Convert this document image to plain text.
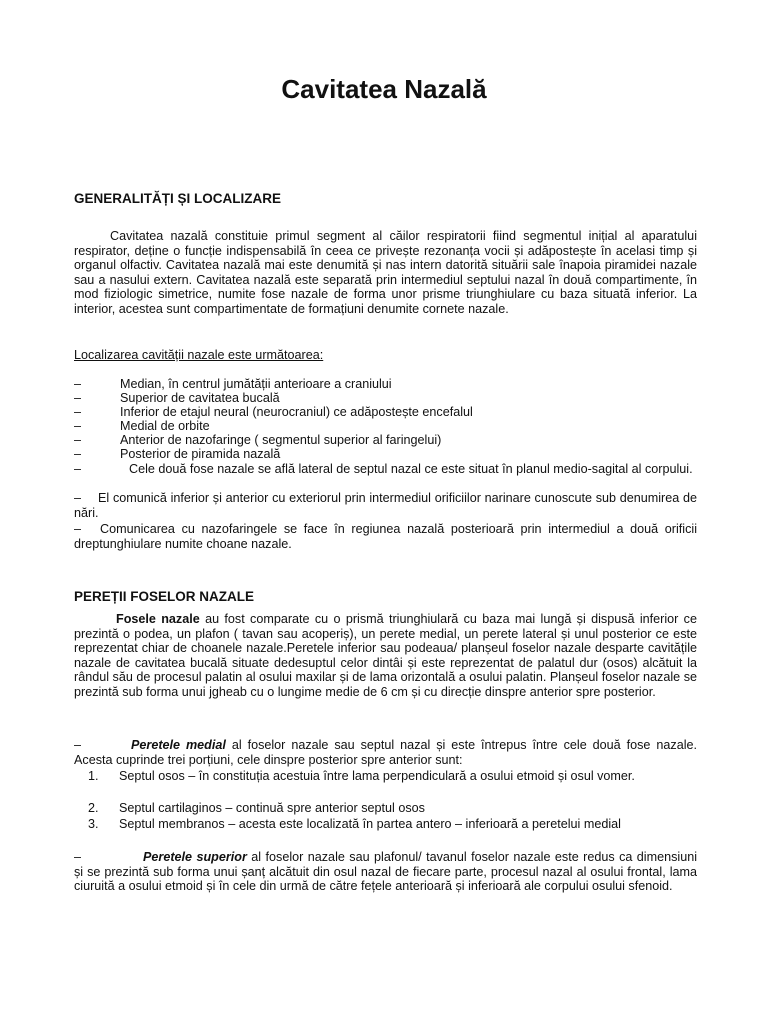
Cavitatea Nazală
GENERALITĂȚI ȘI LOCALIZARE
Cavitatea nazală constituie primul segment al căilor respiratorii fiind segmentul inițial al aparatului respirator, deține o funcție indispensabilă în ceea ce privește rezonanța vocii și adăpostește în acelasi timp și organul olfactiv. Cavitatea nazală mai este denumită și nas intern datorită situării sale înapoia piramidei nazale sau a nasului extern. Cavitatea nazală este separată prin intermediul septului nazal în două compartimente, în mod fiziologic simetrice, numite fose nazale de forma unor prisme triunghiulare cu baza situată inferior. La interior, acestea sunt compartimentate de formațiuni denumite cornete nazale.
Localizarea cavității nazale este următoarea:
–	Median, în centrul jumătății anterioare a craniului
–	Superior de cavitatea bucală
–	Inferior de etajul neural (neurocraniul) ce adăpostește encefalul
–	Medial de orbite
–	Anterior de nazofaringe ( segmentul superior al faringelui)
–	Posterior de piramida nazală
–	Cele două fose nazale se află lateral de septul nazal ce este situat în planul medio-sagital al corpului.
– El comunică inferior și anterior cu exteriorul prin intermediul orificiilor narinare cunoscute sub denumirea de nări.
– Comunicarea cu nazofaringele se face în regiunea nazală posterioară prin intermediul a două orificii dreptunghiulare numite choane nazale.
PEREȚII FOSELOR NAZALE
Fosele nazale au fost comparate cu o prismă triunghiulară cu baza mai lungă și dispusă inferior ce prezintă o podea, un plafon ( tavan sau acoperiș), un perete medial, un perete lateral și unul posterior ce este reprezentat chiar de choanele nazale.Peretele inferior sau podeaua/ planșeul foselor nazale desparte cavitățile nazale de cavitatea bucală situate dedesuptul celor dintâi și este reprezentat de palatul dur (osos) alcătuit la rândul său de procesul palatin al osului maxilar și de lama orizontală a osului palatin. Planșeul foselor nazale se prezintă sub forma unui jgheab cu o lungime medie de 6 cm și cu direcție dinspre anterior spre posterior.
–	Peretele medial al foselor nazale sau septul nazal și este întrepus între cele două fose nazale. Acesta cuprinde trei porțiuni, cele dinspre posterior spre anterior sunt:
1.	Septul osos – în constituția acestuia între lama perpendiculară a osului etmoid și osul vomer.
2.	Septul cartilaginos – continuă spre anterior septul osos
3.	Septul membranos – acesta este localizată în partea antero – inferioară a peretelui medial
–	Peretele superior al foselor nazale sau plafonul/ tavanul foselor nazale este redus ca dimensiuni și se prezintă sub forma unui șanț alcătuit din osul nazal de fiecare parte, procesul nazal al osului frontal, lama ciuruită a osului etmoid și în cele din urmă de către fețele anterioară și inferioară ale corpului osului sfenoid.
